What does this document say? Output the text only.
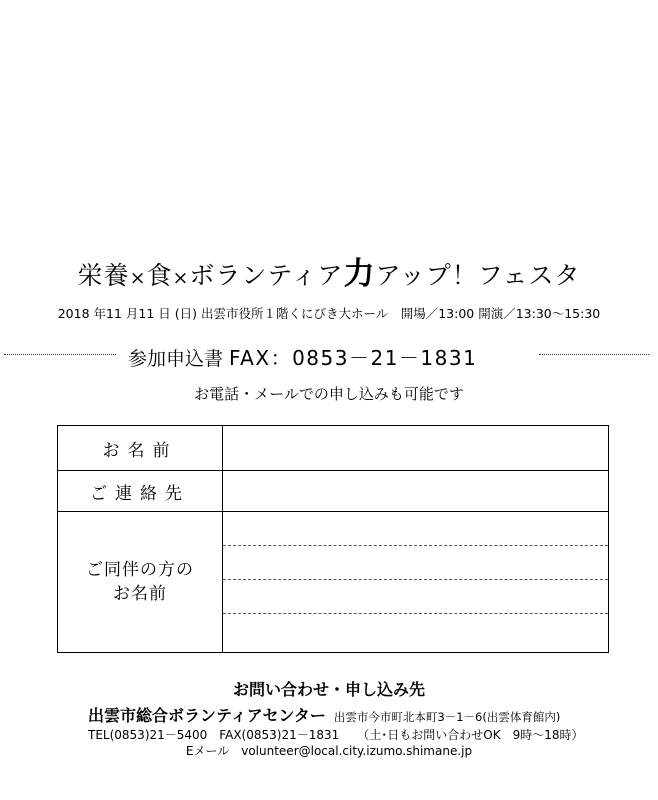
栄養×食×ボランティア力アップ！フェスタ
2018 年11 月11 日 (日) 出雲市役所１階くにびき大ホール　開場／13:00 開演／13:30〜15:30
参加申込書 FAX：0853－21－1831
お電話・メールでの申し込みも可能です
お名前	
ご連絡先	

ご同伴の方の
お名前	

お問い合わせ・申し込み先
出雲市総合ボランティアセンター 出雲市今市町北本町3－1－6(出雲体育館内)
TEL(0853)21－5400　FAX(0853)21－1831 （土･日もお問い合わせOK　9時〜18時）
Eメール　volunteer@local.city.izumo.shimane.jp
